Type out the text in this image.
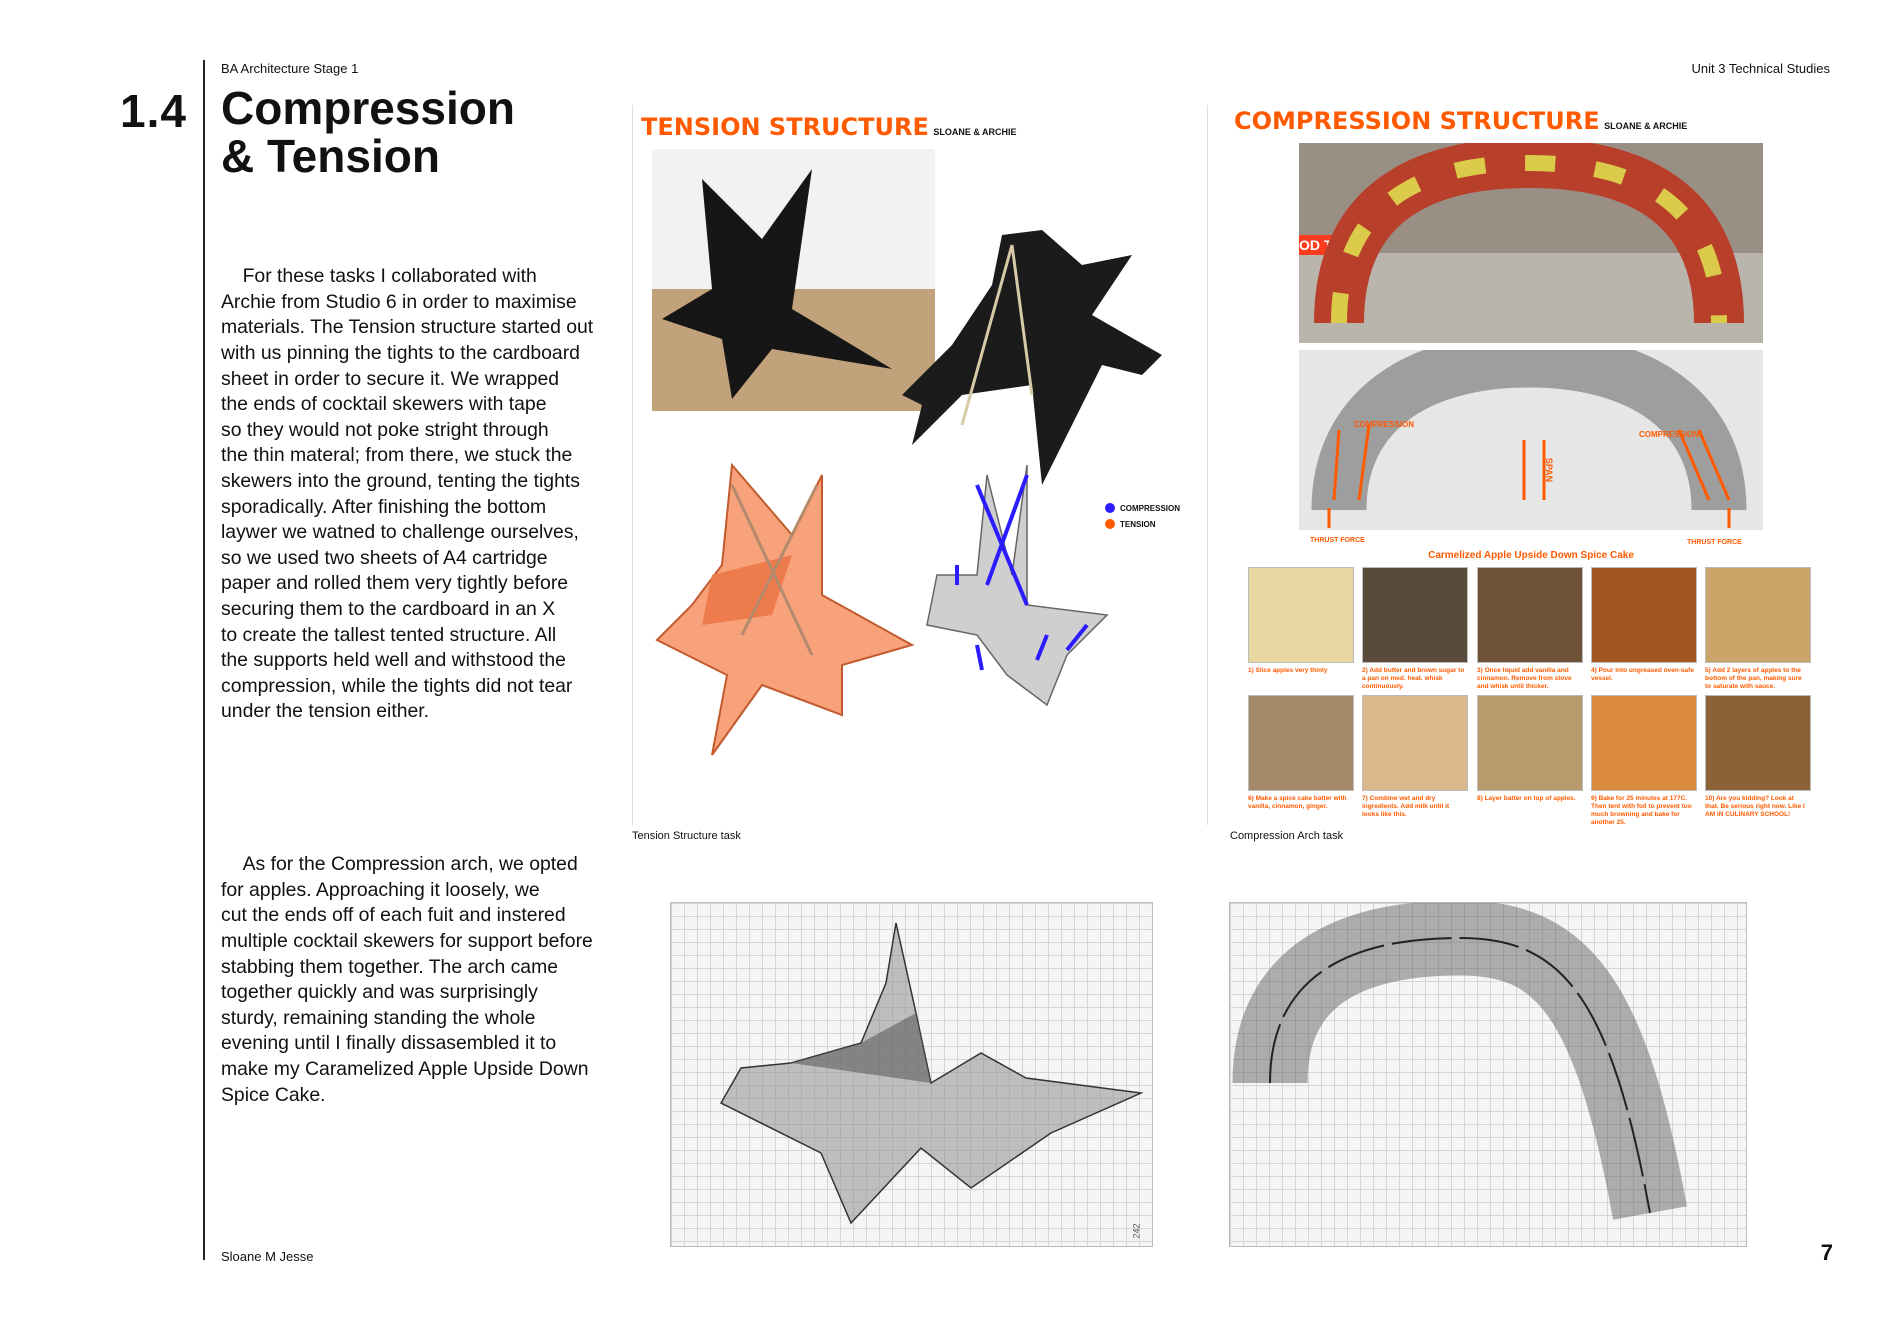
BA Architecture Stage 1	Unit 3 Technical Studies
1.4 Compression
& Tension

For these tasks I collaborated with
Archie from Studio 6 in order to maximise
materials. The Tension structure started out
with us pinning the tights to the cardboard
sheet in order to secure it. We wrapped
the ends of cocktail skewers with tape
so they would not poke stright through
the thin materal; from there, we stuck the
skewers into the ground, tenting the tights
sporadically. After finishing the bottom
laywer we watned to challenge ourselves,
so we used two sheets of A4 cartridge
paper and rolled them very tightly before
securing them to the cardboard in an X
to create the tallest tented structure. All
the supports held well and withstood the
compression, while the tights did not tear
under the tension either.

As for the Compression arch, we opted
for apples. Approaching it loosely, we
cut the ends off of each fuit and instered
multiple cocktail skewers for support before
stabbing them together. The arch came
together quickly and was surprisingly
sturdy, remaining standing the whole
evening until I finally dissasembled it to
make my Caramelized Apple Upside Down
Spice Cake.

TENSION STRUCTURE SLOANE & ARCHIE
COMPRESSION
TENSION
Tension Structure task
COMPRESSION STRUCTURE SLOANE & ARCHIE
OD TO
COMPRESSION
COMPRESSION
SPAN
THRUST FORCE	THRUST FORCE
Carmelized Apple Upside Down Spice Cake
1) Slice apples very thinly	2) Add butter and brown sugar to a pan on med. heat. whisk continuously.
3) Once liquid add vanilla and cinnamon. Remove from stove and whisk until thicker.
4) Pour into ungreased oven-safe vessel.
5) Add 2 layers of apples to the bottom of the pan, making sure to saturate with sauce.
6) Make a spice cake batter with vanilla, cinnamon, ginger.
7) Combine wet and dry ingredients. Add milk until it looks like this.
8) Layer batter on top of apples.	9) Bake for 25 minutes at 177C. Then tent with foil to prevent too much browning and bake for another 25.
10) Are you kidding? Look at that. Be serious right now. Like I AM IN CULINARY SCHOOL!
Compression Arch task
242
Sloane M Jesse	7
